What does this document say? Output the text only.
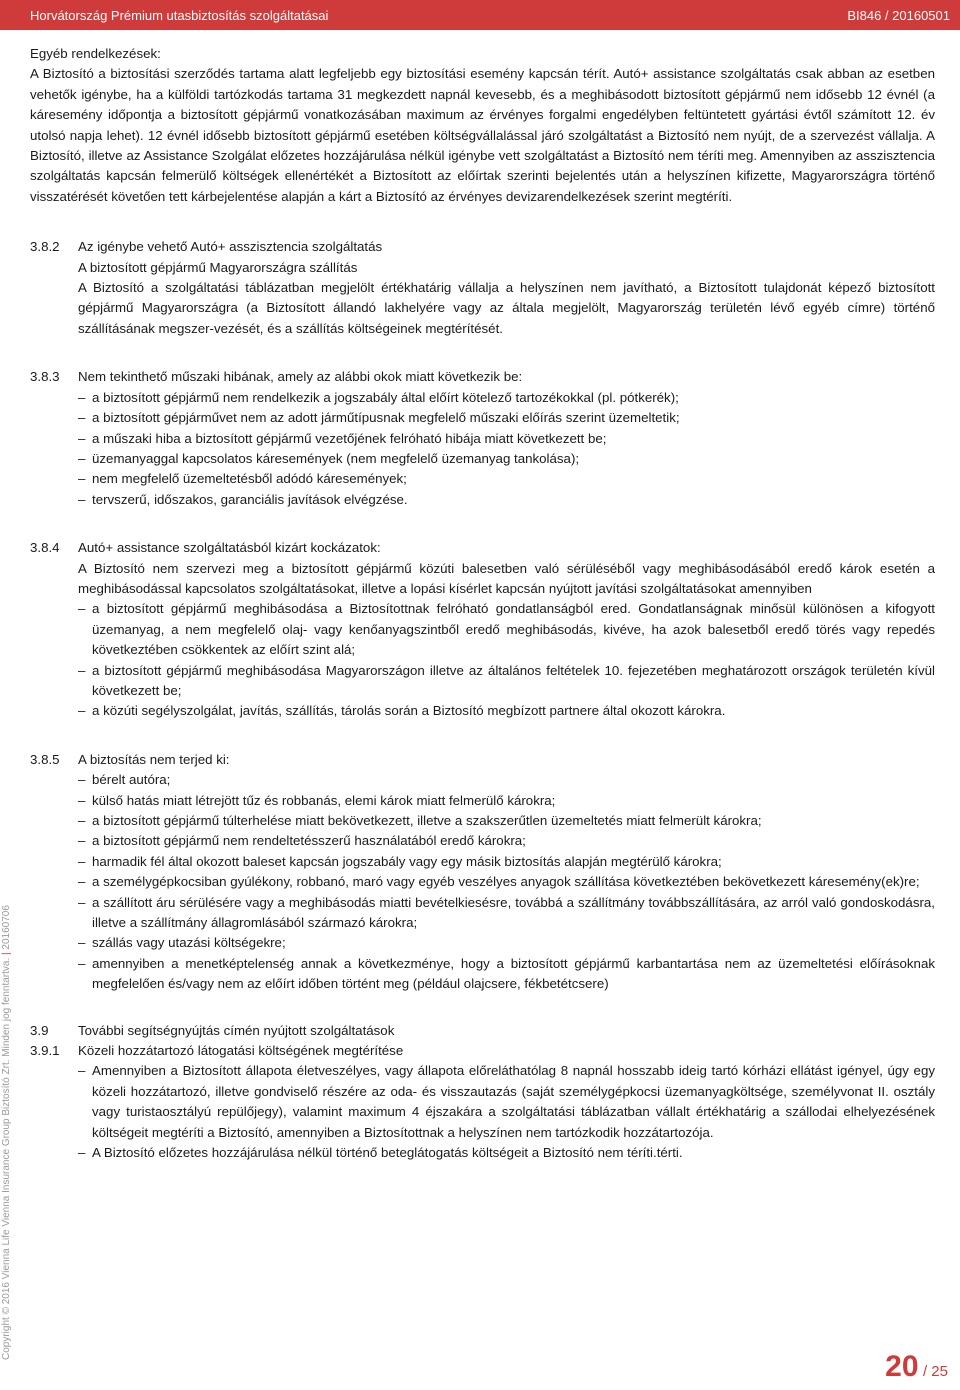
Horvátország Prémium utasbiztosítás szolgáltatásai	BI846 / 20160501

Egyéb rendelkezések:

A Biztosító a biztosítási szerződés tartama alatt legfeljebb egy biztosítási esemény kapcsán térít. Autó+ assistance szolgáltatás csak abban az esetben vehetők igénybe, ha a külföldi tartózkodás tartama 31 megkezdett napnál kevesebb, és a meghibásodott biztosított gépjármű nem idősebb 12 évnél (a káresemény időpontja a biztosított gépjármű vonatkozásában maximum az érvényes forgalmi engedélyben feltüntetett gyártási évtől számított 12. év utolsó napja lehet). 12 évnél idősebb biztosított gépjármű esetében költségvállalással járó szolgáltatást a Biztosító nem nyújt, de a szervezést vállalja. A Biztosító, illetve az Assistance Szolgálat előzetes hozzájárulása nélkül igénybe vett szolgáltatást a Biztosító nem téríti meg. Amennyiben az asszisztencia szolgáltatás kapcsán felmerülő költségek ellenértékét a Biztosított az előírtak szerinti bejelentés után a helyszínen kifizette, Magyarországra történő visszatérését követően tett kárbejelentése alapján a kárt a Biztosító az érvényes devizarendelkezések szerint megtéríti.

3.8.2	Az igénybe vehető Autó+ asszisztencia szolgáltatás

A biztosított gépjármű Magyarországra szállítás

A Biztosító a szolgáltatási táblázatban megjelölt értékhatárig vállalja a helyszínen nem javítható, a Biztosított tulajdonát képező biztosított gépjármű Magyarországra (a Biztosított állandó lakhelyére vagy az általa megjelölt, Magyarország területén lévő egyéb címre) történő szállításának megszer-vezését, és a szállítás költségeinek megtérítését.

3.8.3	Nem tekinthető műszaki hibának, amely az alábbi okok miatt következik be:

– a biztosított gépjármű nem rendelkezik a jogszabály által előírt kötelező tartozékokkal (pl. pótkerék);
– a biztosított gépjárművet nem az adott járműtípusnak megfelelő műszaki előírás szerint üzemeltetik;
– a műszaki hiba a biztosított gépjármű vezetőjének felróható hibája miatt következett be;
– üzemanyaggal kapcsolatos káresemények (nem megfelelő üzemanyag tankolása);
– nem megfelelő üzemeltetésből adódó káresemények;
– tervszerű, időszakos, garanciális javítások elvégzése.
3.8.4	Autó+ assistance szolgáltatásból kizárt kockázatok:

A Biztosító nem szervezi meg a biztosított gépjármű közúti balesetben való sérüléséből vagy meghibásodásából eredő károk esetén a meghibásodással kapcsolatos szolgáltatásokat, illetve a lopási kísérlet kapcsán nyújtott javítási szolgáltatásokat amennyiben

– a biztosított gépjármű meghibásodása a Biztosítottnak felróható gondatlanságból ered. Gondatlanságnak minősül különösen a kifogyott üzemanyag, a nem megfelelő olaj- vagy kenőanyagszintből eredő meghibásodás, kivéve, ha azok balesetből eredő törés vagy repedés következtében csökkentek az előírt szint alá;
– a biztosított gépjármű meghibásodása Magyarországon illetve az általános feltételek 10. fejezetében meghatározott országok területén kívül következett be;
– a közúti segélyszolgálat, javítás, szállítás, tárolás során a Biztosító megbízott partnere által okozott károkra.
3.8.5	A biztosítás nem terjed ki:

– bérelt autóra;
– külső hatás miatt létrejött tűz és robbanás, elemi károk miatt felmerülő károkra;
– a biztosított gépjármű túlterhelése miatt bekövetkezett, illetve a szakszerűtlen üzemeltetés miatt felmerült károkra;
– a biztosított gépjármű nem rendeltetésszerű használatából eredő károkra;
– harmadik fél által okozott baleset kapcsán jogszabály vagy egy másik biztosítás alapján megtérülő károkra;
– a személygépkocsiban gyúlékony, robbanó, maró vagy egyéb veszélyes anyagok szállítása következtében bekövetkezett káresemény(ek)re;
– a szállított áru sérülésére vagy a meghibásodás miatti bevételkiesésre, továbbá a szállítmány továbbszállítására, az arról való gondoskodásra, illetve a szállítmány állagromlásából származó károkra;
– szállás vagy utazási költségekre;
– amennyiben a menetképtelenség annak a következménye, hogy a biztosított gépjármű karbantartása nem az üzemeltetési előírásoknak megfelelően és/vagy nem az előírt időben történt meg (például olajcsere, fékbetétcsere)
3.9	További segítségnyújtás címén nyújtott szolgáltatások

3.9.1	Közeli hozzátartozó látogatási költségének megtérítése

– Amennyiben a Biztosított állapota életveszélyes, vagy állapota előreláthatólag 8 napnál hosszabb ideig tartó kórházi ellátást igényel, úgy egy közeli hozzátartozó, illetve gondviselő részére az oda- és visszautazás (saját személygépkocsi üzemanyagköltsége, személyvonat II. osztály vagy turistaosztályú repülőjegy), valamint maximum 4 éjszakára a szolgáltatási táblázatban vállalt értékhatárig a szállodai elhelyezésének költségeit megtéríti a Biztosító, amennyiben a Biztosítottnak a helyszínen nem tartózkodik hozzátartozója.
– A Biztosító előzetes hozzájárulása nélkül történő beteglátogatás költségeit a Biztosító nem téríti.térti.
Copyright © 2016 Vienna Life Vienna Insurance Group Biztosító Zrt. Minden jog fenntartva. | 20160706
20 / 25
